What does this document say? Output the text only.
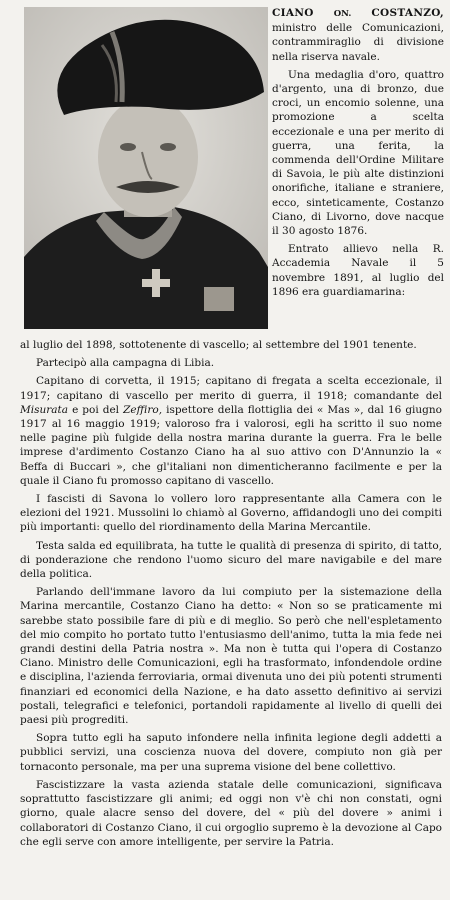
CIANO ON. COSTANZO, ministro delle Comunicazioni, contrammiraglio di divisione nella riserva navale.

Una medaglia d'oro, quattro d'argento, una di bronzo, due croci, un encomio solenne, una promozione a scelta eccezionale e una per merito di guerra, una ferita, la commenda dell'Ordine Militare di Savoia, le più alte distinzioni onorifiche, italiane e straniere, ecco, sinteticamente, Costanzo Ciano, di Livorno, dove nacque il 30 agosto 1876.

Entrato allievo nella R. Accademia Navale il 5 novembre 1891, al luglio del 1896 era guardiamarina:

al luglio del 1898, sottotenente di vascello; al settembre del 1901 tenente.

Partecipò alla campagna di Libia.

Capitano di corvetta, il 1915; capitano di fregata a scelta eccezionale, il 1917; capitano di vascello per merito di guerra, il 1918; comandante del Misurata e poi del Zeffiro, ispettore della flottiglia dei « Mas », dal 16 giugno 1917 al 16 maggio 1919; valoroso fra i valorosi, egli ha scritto il suo nome nelle pagine più fulgide della nostra marina durante la guerra. Fra le belle imprese d'ardimento Costanzo Ciano ha al suo attivo con D'Annunzio la « Beffa di Buccari », che gl'italiani non dimenticheranno facilmente e per la quale il Ciano fu promosso capitano di vascello.

I fascisti di Savona lo vollero loro rappresentante alla Camera con le elezioni del 1921. Mussolini lo chiamò al Governo, affidandogli uno dei compiti più importanti: quello del riordinamento della Marina Mercantile.

Testa salda ed equilibrata, ha tutte le qualità di presenza di spirito, di tatto, di ponderazione che rendono l'uomo sicuro del mare navigabile e del mare della politica.

Parlando dell'immane lavoro da lui compiuto per la sistemazione della Marina mercantile, Costanzo Ciano ha detto: « Non so se praticamente mi sarebbe stato possibile fare di più e di meglio. So però che nell'espletamento del mio compito ho portato tutto l'entusiasmo dell'animo, tutta la mia fede nei grandi destini della Patria nostra ». Ma non è tutta qui l'opera di Costanzo Ciano. Ministro delle Comunicazioni, egli ha trasformato, infondendole ordine e disciplina, l'azienda ferroviaria, ormai divenuta uno dei più potenti strumenti finanziari ed economici della Nazione, e ha dato assetto definitivo ai servizi postali, telegrafici e telefonici, portandoli rapidamente al livello di quelli dei paesi più progrediti.

Sopra tutto egli ha saputo infondere nella infinita legione degli addetti a pubblici servizi, una coscienza nuova del dovere, compiuto non già per tornaconto personale, ma per una suprema visione del bene collettivo.

Fascistizzare la vasta azienda statale delle comunicazioni, significava soprattutto fascistizzare gli animi; ed oggi non v'è chi non constati, ogni giorno, quale alacre senso del dovere, del « più del dovere » animi i collaboratori di Costanzo Ciano, il cui orgoglio supremo è la devozione al Capo che egli serve con amore intelligente, per servire la Patria.
